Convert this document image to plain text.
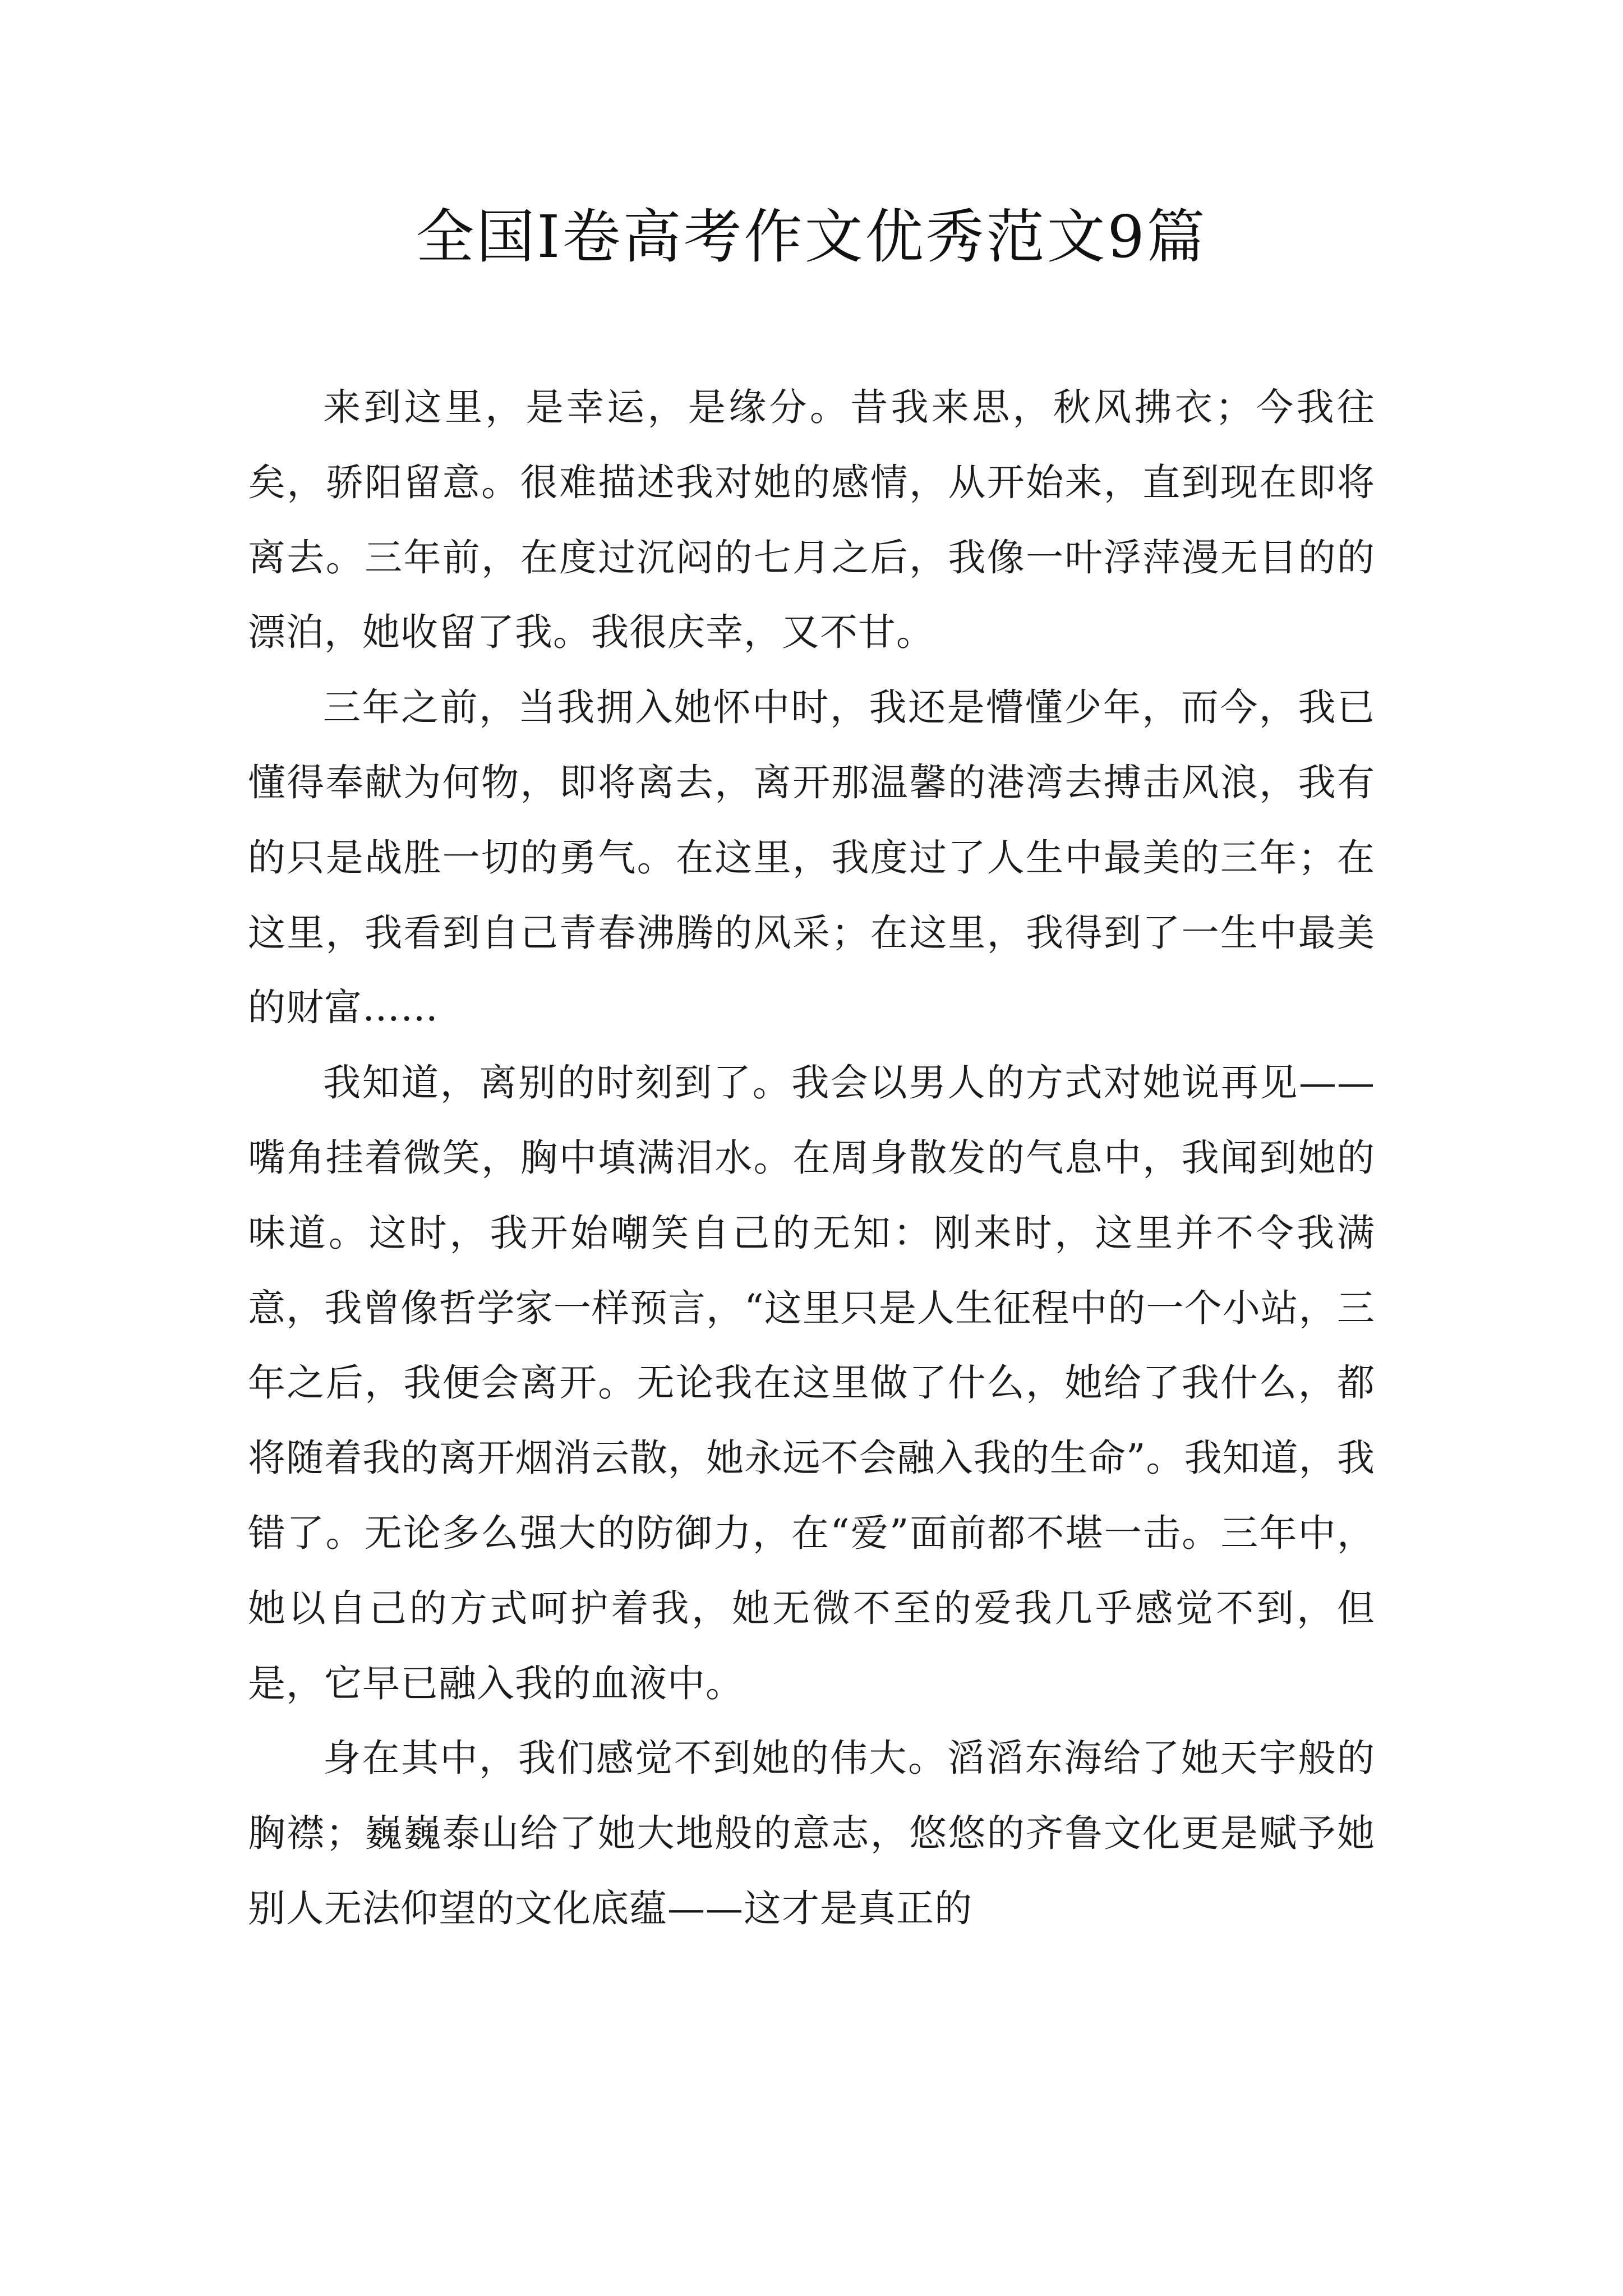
全国Ⅰ卷高考作文优秀范文9篇

来到这里，是幸运，是缘分。昔我来思，秋风拂衣；今我往矣，骄阳留意。很难描述我对她的感情，从开始来，直到现在即将离去。三年前，在度过沉闷的七月之后，我像一叶浮萍漫无目的的漂泊，她收留了我。我很庆幸，又不甘。

三年之前，当我拥入她怀中时，我还是懵懂少年，而今，我已懂得奉献为何物，即将离去，离开那温馨的港湾去搏击风浪，我有的只是战胜一切的勇气。在这里，我度过了人生中最美的三年；在这里，我看到自己青春沸腾的风采；在这里，我得到了一生中最美的财富……

我知道，离别的时刻到了。我会以男人的方式对她说再见——嘴角挂着微笑，胸中填满泪水。在周身散发的气息中，我闻到她的味道。这时，我开始嘲笑自己的无知：刚来时，这里并不令我满意，我曾像哲学家一样预言，“这里只是人生征程中的一个小站，三年之后，我便会离开。无论我在这里做了什么，她给了我什么，都将随着我的离开烟消云散，她永远不会融入我的生命”。我知道，我错了。无论多么强大的防御力，在“爱”面前都不堪一击。三年中，她以自己的方式呵护着我，她无微不至的爱我几乎感觉不到，但是，它早已融入我的血液中。

身在其中，我们感觉不到她的伟大。滔滔东海给了她天宇般的胸襟；巍巍泰山给了她大地般的意志，悠悠的齐鲁文化更是赋予她别人无法仰望的文化底蕴——这才是真正的
